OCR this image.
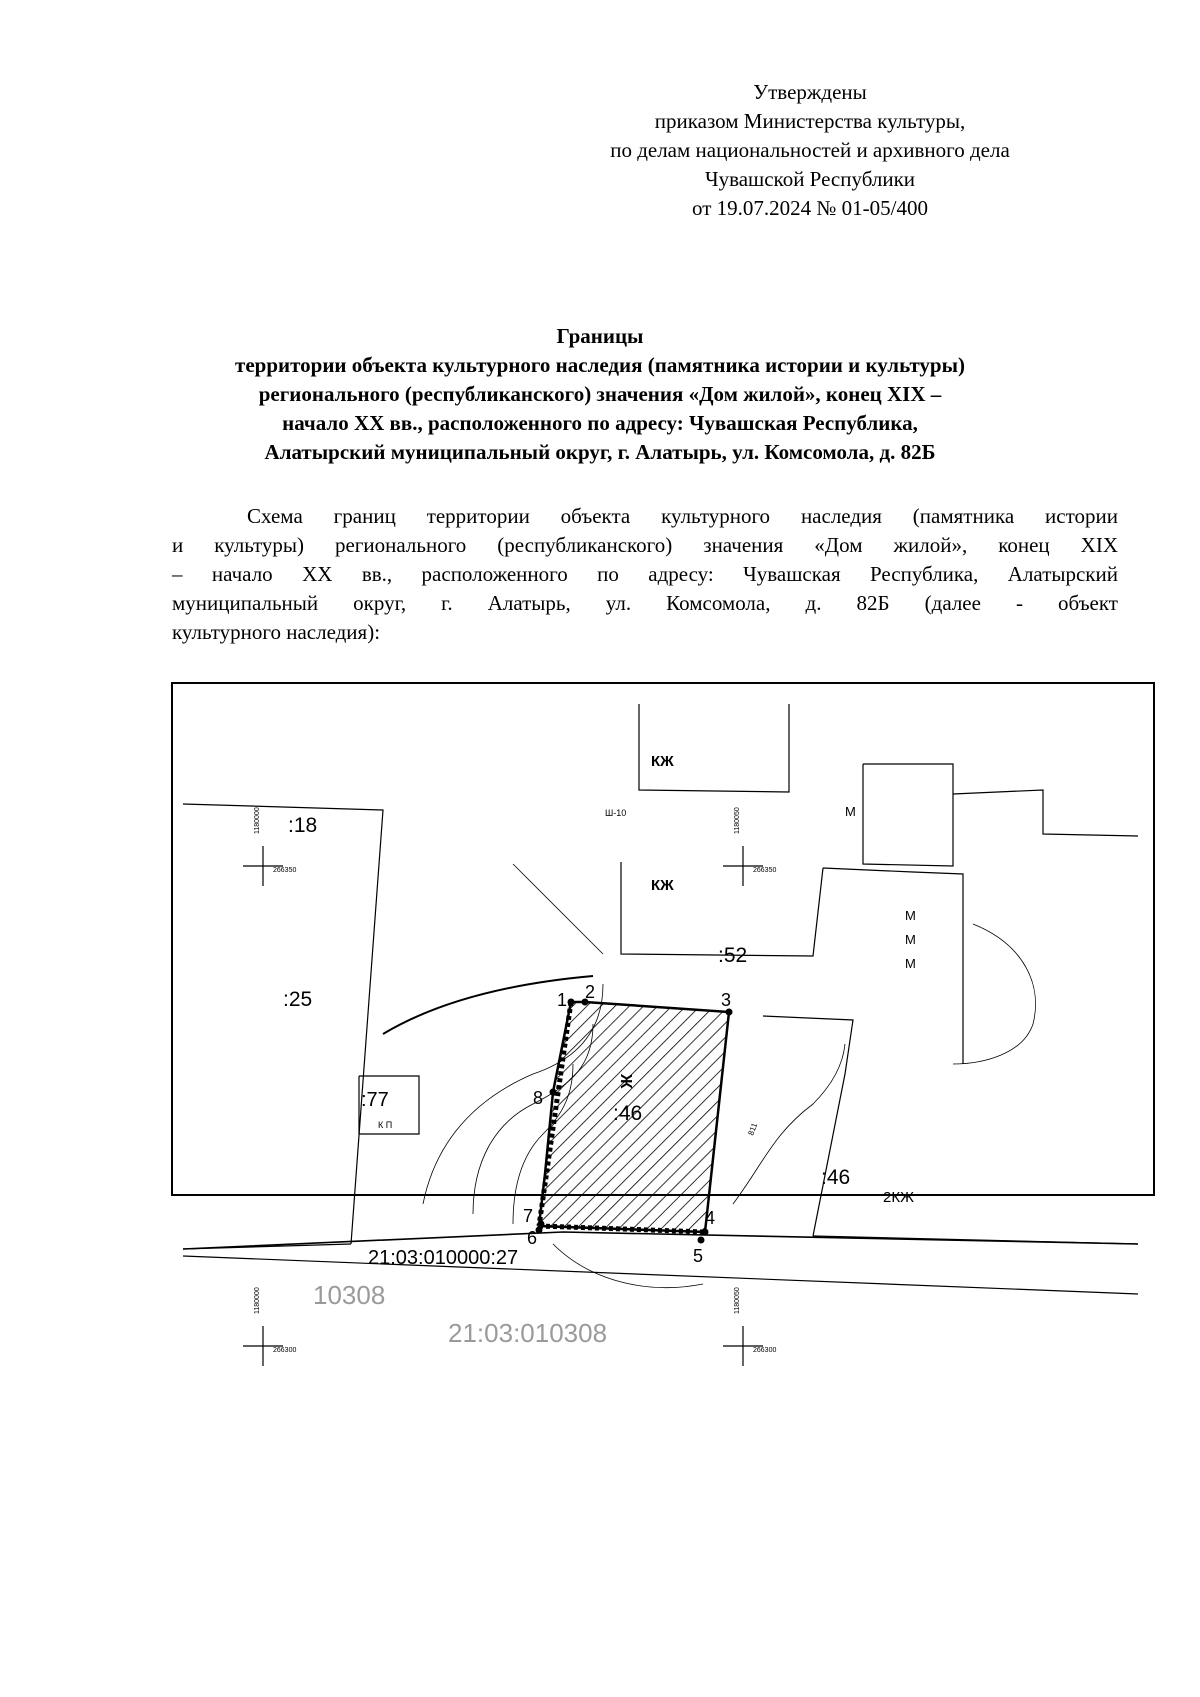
Утверждены
приказом Министерства культуры,
по делам национальностей и архивного дела
Чувашской Республики
от 19.07.2024 № 01-05/400
Границы
территории объекта культурного наследия (памятника истории и культуры)
регионального (республиканского) значения «Дом жилой», конец XIX –
начало XX вв., расположенного по адресу: Чувашская Республика,
Алатырский муниципальный округ, г. Алатырь, ул. Комсомола, д. 82Б
Схема границ территории объекта культурного наследия (памятника истории
и культуры) регионального (республиканского) значения «Дом жилой», конец XIX
– начало XX вв., расположенного по адресу: Чувашская Республика, Алатырский
муниципальный округ, г. Алатырь, ул. Комсомола, д. 82Б (далее - объект
культурного наследия):
:18
:25
:77
:52
:46
:46
КЖ
КЖ
М
М
М
М
2КЖ
1 2	3
4
5
6
7
8
21:03:010000:27
10308
21:03:010308
266350	266350
266300	266300
1180000	1180050
1180000	1180050
Ш-10
Ж
К П	811
